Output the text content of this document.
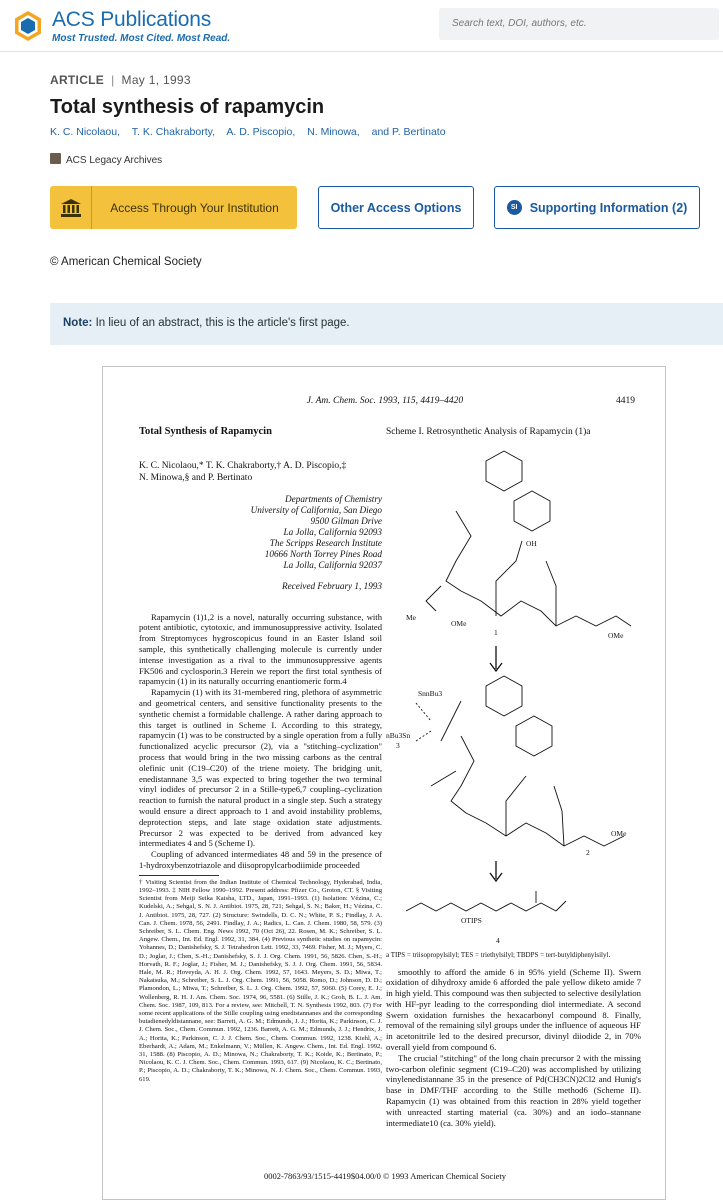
ACS Publications
Most Trusted. Most Cited. Most Read.
Search text, DOI, authors, etc.
ARTICLE | May 1, 1993
Total synthesis of rapamycin
K. C. Nicolaou, T. K. Chakraborty, A. D. Piscopio, N. Minowa, and P. Bertinato
ACS Legacy Archives
Access Through Your Institution	Other Access Options	SI Supporting Information (2)
© American Chemical Society
Note: In lieu of an abstract, this is the article's first page.
J. Am. Chem. Soc. 1993, 115, 4419–4420	4419
Total Synthesis of Rapamycin
K. C. Nicolaou,* T. K. Chakraborty,† A. D. Piscopio,‡
N. Minowa,§ and P. Bertinato
Departments of Chemistry
University of California, San Diego
9500 Gilman Drive
La Jolla, California 92093
The Scripps Research Institute
10666 North Torrey Pines Road
La Jolla, California 92037
Received February 1, 1993

Rapamycin (1)1,2 is a novel, naturally occurring substance, with potent antibiotic, cytotoxic, and immunosuppressive activity. Isolated from Streptomyces hygroscopicus found in an Easter Island soil sample, this synthetically challenging molecule is currently under intense investigation as a rival to the immunosuppressive agents FK506 and cyclosporin.3 Herein we report the first total synthesis of rapamycin (1) in its naturally occurring enantiomeric form.4

Rapamycin (1) with its 31-membered ring, plethora of asymmetric and geometrical centers, and sensitive functionality presents to the synthetic chemist a formidable challenge. A rather daring approach to this target is outlined in Scheme I. According to this strategy, rapamycin (1) was to be constructed by a single operation from a fully functionalized acyclic precursor (2), via a "stitching–cyclization" process that would bring in the two missing carbons as the central olefinic unit (C19–C20) of the triene moiety. The bridging unit, enedistannane 3,5 was expected to bring together the two terminal vinyl iodides of precursor 2 in a Stille-type6,7 coupling–cyclization reaction to furnish the natural product in a single step. Such a strategy would ensure a direct approach to 1 and avoid instability problems, deprotection steps, and late stage oxidation state adjustments. Precursor 2 was expected to be derived from advanced key intermediates 4 and 5 (Scheme I).

Coupling of advanced intermediates 48 and 59 in the presence of 1-hydroxybenzotriazole and diisopropylcarbodiimide proceeded

† Visiting Scientist from the Indian Institute of Chemical Technology, Hyderabad, India, 1992–1993. ‡ NIH Fellow 1990–1992. Present address: Pfizer Co., Groton, CT. § Visiting Scientist from Meiji Seika Kaisha, LTD., Japan, 1991–1993. (1) Isolation: Vézina, C.; Kudelski, A.; Sehgal, S. N. J. Antibiot. 1975, 28, 721; Sehgal, S. N.; Baker, H.; Vézina, C. J. Antibiot. 1975, 28, 727. (2) Structure: Swindells, D. C. N.; White, P. S.; Findlay, J. A. Can. J. Chem. 1978, 56, 2491. Findlay, J. A.; Radics, L. Can. J. Chem. 1980, 58, 579. (3) Schreiber, S. L. Chem. Eng. News 1992, 70 (Oct 26), 22. Rosen, M. K.; Schreiber, S. L. Angew. Chem., Int. Ed. Engl. 1992, 31, 384. (4) Previous synthetic studies on rapamycin: Yohannes, D.; Danishefsky, S. J. Tetrahedron Lett. 1992, 33, 7469. Fisher, M. J.; Myers, C. D.; Joglar, J.; Chen, S.-H.; Danishefsky, S. J. J. Org. Chem. 1991, 56, 5826. Chen, S.-H.; Horvath, R. F.; Joglar, J.; Fisher, M. J.; Danishefsky, S. J. J. Org. Chem. 1991, 56, 5834. Hale, M. R.; Hoveyda, A. H. J. Org. Chem. 1992, 57, 1643. Meyers, S. D.; Miwa, T.; Nakatsuka, M.; Schreiber, S. L. J. Org. Chem. 1991, 56, 5058. Romo, D.; Johnson, D. D.; Plamondon, L.; Miwa, T.; Schreiber, S. L. J. Org. Chem. 1992, 57, 5060. (5) Corey, E. J.; Wollenberg, R. H. J. Am. Chem. Soc. 1974, 96, 5581. (6) Stille, J. K.; Groh, B. L. J. Am. Chem. Soc. 1987, 109, 813. For a review, see: Mitchell, T. N. Synthesis 1992, 803. (7) For some recent applications of the Stille coupling using enedistannanes and the corresponding butadienedyldistannane, see: Barrett, A. G. M.; Edmunds, J. J.; Horita, K.; Parkinson, C. J. J. Chem. Soc., Chem. Commun. 1992, 1236. Barrett, A. G. M.; Edmunds, J. J.; Hendrix, J. A.; Horita, K.; Parkinson, C. J. J. Chem. Soc., Chem. Commun. 1992, 1238. Kiehl, A.; Eberhardt, A.; Adam, M.; Enkelmann, V.; Müllen, K. Angew. Chem., Int. Ed. Engl. 1992, 31, 1588. (8) Piscopio, A. D.; Minowa, N.; Chakraborty, T. K.; Koide, K.; Bertinato, P.; Nicolaou, K. C. J. Chem. Soc., Chem. Commun. 1993, 617. (9) Nicolaou, K. C.; Bertinato, P.; Piscopio, A. D.; Chakraborty, T. K.; Minowa, N. J. Chem. Soc., Chem. Commun. 1993, 619.
Scheme I. Retrosynthetic Analysis of Rapamycin (1)a
1	OMe
OH
OMe
Me
3
SnnBu3
nBu3Sn
2
OMe
OTIPS
4
a TIPS = triisopropylsilyl; TES = triethylsilyl; TBDPS = tert-butyldiphenylsilyl.

smoothly to afford the amide 6 in 95% yield (Scheme II). Swern oxidation of dihydroxy amide 6 afforded the pale yellow diketo amide 7 in high yield. This compound was then subjected to selective desilylation with HF-pyr leading to the corresponding diol intermediate. A second Swern oxidation furnishes the hexacarbonyl compound 8. Finally, removal of the remaining silyl groups under the influence of aqueous HF in acetonitrile led to the desired precursor, divinyl diiodide 2, in 70% overall yield from compound 6.

The crucial "stitching" of the long chain precursor 2 with the missing two-carbon olefinic segment (C19–C20) was accomplished by utilizing vinylenedistannane 35 in the presence of Pd(CH3CN)2Cl2 and Hunig's base in DMF/THF according to the Stille method6 (Scheme II). Rapamycin (1) was obtained from this reaction in 28% yield together with unreacted starting material (ca. 30%) and an iodo–stannane intermediate10 (ca. 30% yield).

0002-7863/93/1515-4419$04.00/0 © 1993 American Chemical Society
